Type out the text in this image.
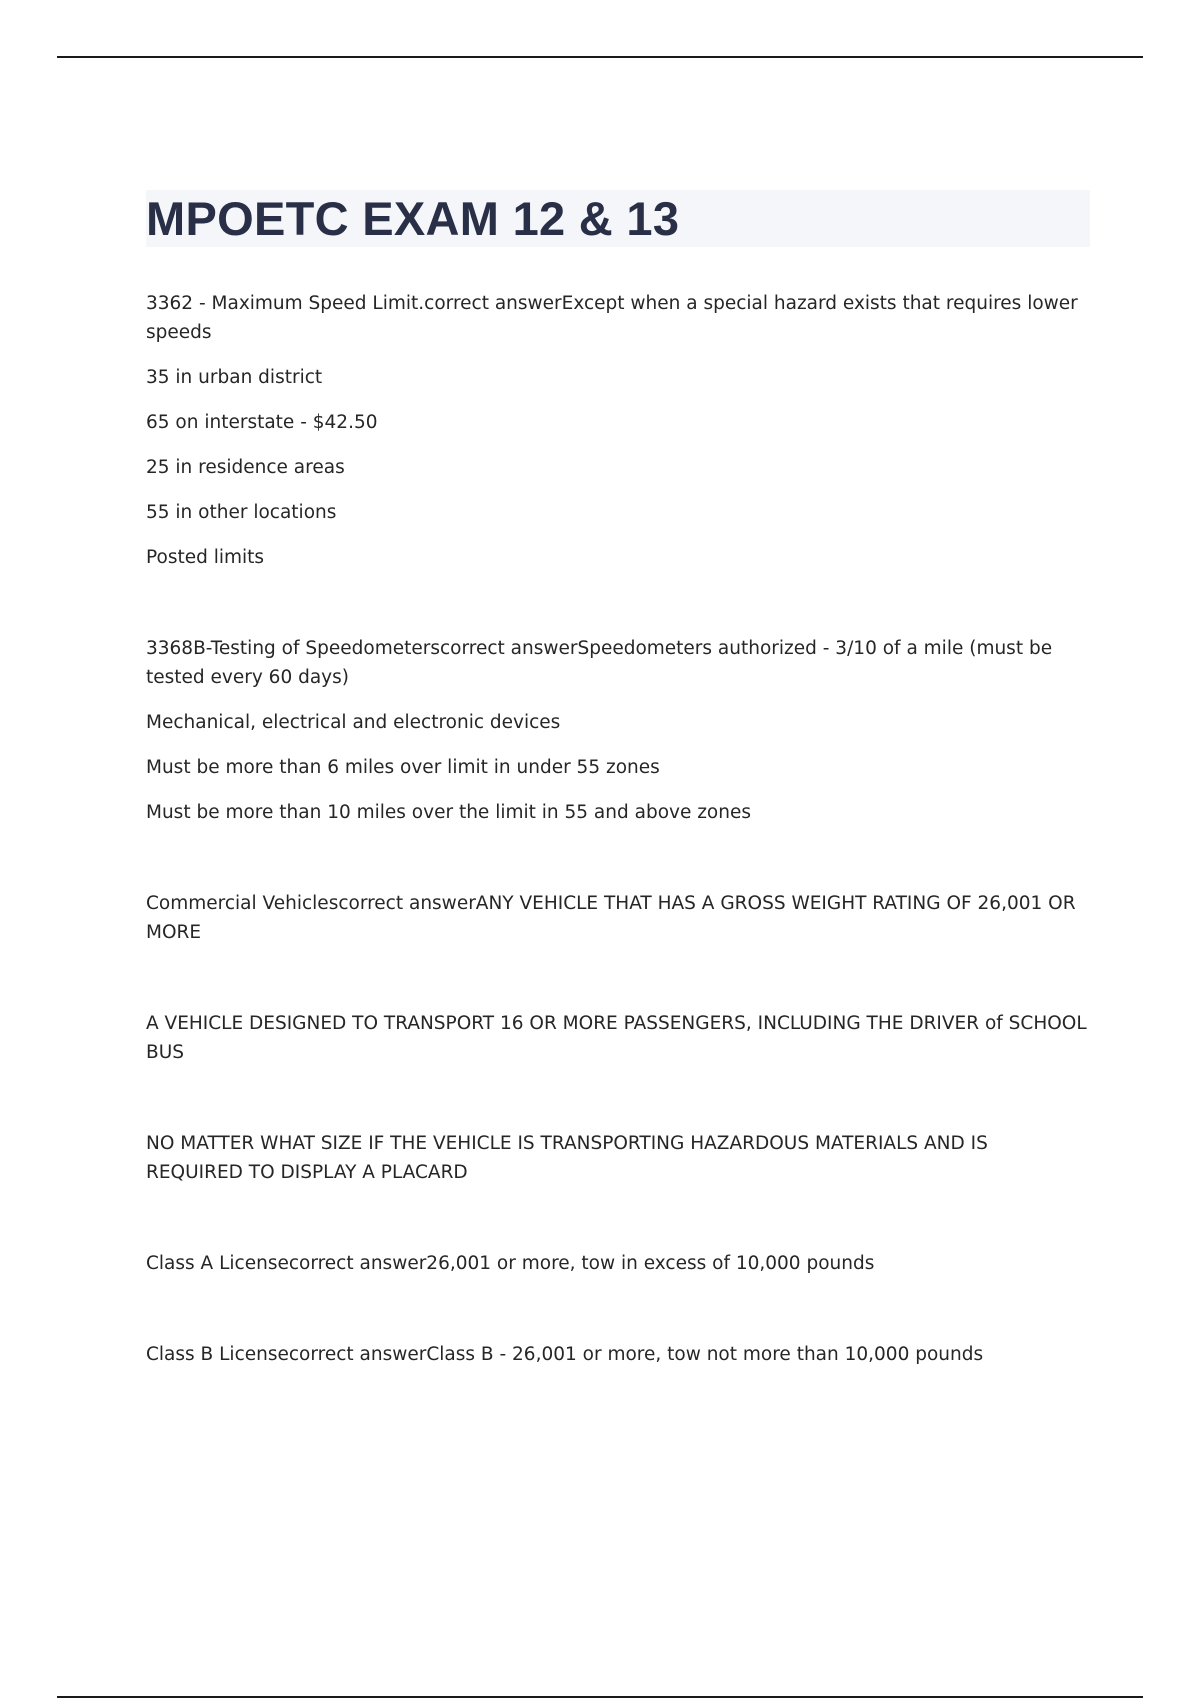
MPOETC EXAM 12 & 13

3362 - Maximum Speed Limit.correct answerExcept when a special hazard exists that requires lower speeds

35 in urban district

65 on interstate - $42.50

25 in residence areas

55 in other locations

Posted limits

3368B-Testing of Speedometerscorrect answerSpeedometers authorized - 3/10 of a mile (must be tested every 60 days)

Mechanical, electrical and electronic devices

Must be more than 6 miles over limit in under 55 zones

Must be more than 10 miles over the limit in 55 and above zones

Commercial Vehiclescorrect answerANY VEHICLE THAT HAS A GROSS WEIGHT RATING OF 26,001 OR MORE

A VEHICLE DESIGNED TO TRANSPORT 16 OR MORE PASSENGERS, INCLUDING THE DRIVER of SCHOOL BUS

NO MATTER WHAT SIZE IF THE VEHICLE IS TRANSPORTING HAZARDOUS MATERIALS AND IS REQUIRED TO DISPLAY A PLACARD

Class A Licensecorrect answer26,001 or more, tow in excess of 10,000 pounds

Class B Licensecorrect answerClass B - 26,001 or more, tow not more than 10,000 pounds
